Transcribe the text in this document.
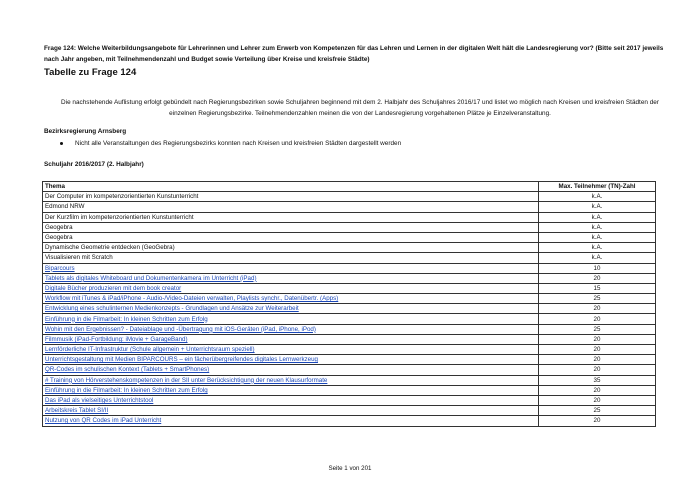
Frage 124: Welche Weiterbildungsangebote für Lehrerinnen und Lehrer zum Erwerb von Kompetenzen für das Lehren und Lernen in der digitalen Welt hält die Landesregierung vor? (Bitte seit 2017 jeweils nach Jahr angeben, mit Teilnehmendenzahl und Budget sowie Verteilung über Kreise und kreisfreie Städte)
Tabelle zu Frage 124
Die nachstehende Auflistung erfolgt gebündelt nach Regierungsbezirken sowie Schuljahren beginnend mit dem 2. Halbjahr des Schuljahres 2016/17 und listet wo möglich nach Kreisen und kreisfreien Städten der einzelnen Regierungsbezirke. Teilnehmendenzahlen meinen die von der Landesregierung vorgehaltenen Plätze je Einzelveranstaltung.
Bezirksregierung Arnsberg
Nicht alle Veranstaltungen des Regierungsbezirks konnten nach Kreisen und kreisfreien Städten dargestellt werden
Schuljahr 2016/2017 (2. Halbjahr)
Thema	Max. Teilnehmer (TN)-Zahl
Der Computer im kompetenzorientierten Kunstunterricht	k.A.
Edmond NRW	k.A.
Der Kurzfilm im kompetenzorientierten Kunstunterricht	k.A.
Geogebra	k.A.
Geogebra	k.A.
Dynamische Geometrie entdecken (GeoGebra)	k.A.
Visualisieren mit Scratch	k.A.
Biparcours	10
Tablets als digitales Whiteboard und Dokumentenkamera im Unterricht (iPad)	20
Digitale Bücher produzieren mit dem book creator	15
Workflow mit iTunes & iPad/iPhone - Audio-/Video-Dateien verwalten, Playlists synchr., Datenübertr. (Apps)	25
Entwicklung eines schulinternen Medienkonzepts - Grundlagen und Ansätze zur Weiterarbeit	20
Einführung in die Filmarbeit: In kleinen Schritten zum Erfolg	20
Wohin mit den Ergebnissen? - Dateiablage und -Übertragung mit iOS-Geräten (iPad, iPhone, iPod)	25
Filmmusik (iPad-Fortbildung: iMovie + GarageBand)	20
Lernförderliche IT-Infrastruktur (Schule allgemein + Unterrichtsraum speziell)	20
Unterrichtsgestaltung mit Medien BIPARCOURS – ein fächerübergreifendes digitales Lernwerkzeug	20
QR-Codes im schulischen Kontext (Tablets + SmartPhones)	20
# Training von Hörverstehenskompetenzen in der SII unter Berücksichtigung der neuen Klausurformate	35
Einführung in die Filmarbeit: In kleinen Schritten zum Erfolg	20
Das iPad als vielseitiges Unterrichtstool	20
Arbeitskreis Tablet SI/II	25
Nutzung von QR Codes im iPad Unterricht	20
Seite 1 von 201
